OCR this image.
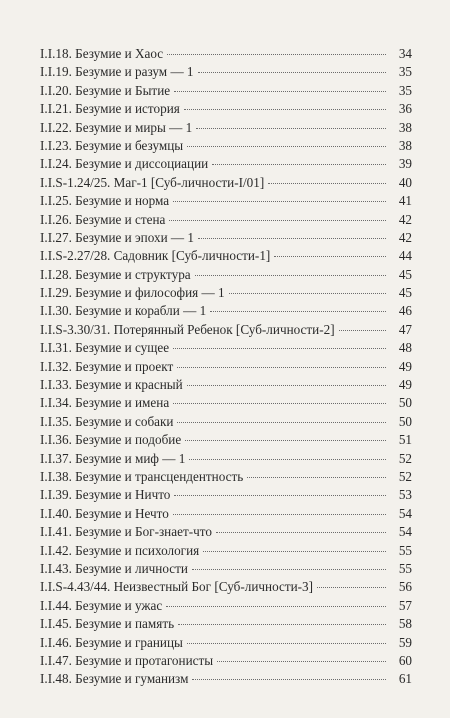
I.I.18. Безумие и Хаос	34
I.I.19. Безумие и разум — 1	35
I.I.20. Безумие и Бытие	35
I.I.21. Безумие и история	36
I.I.22. Безумие и миры — 1	38
I.I.23. Безумие и безумцы	38
I.I.24. Безумие и диссоциации	39
I.I.S-1.24/25. Маг-1 [Суб-личности-I/01]	40
I.I.25. Безумие и норма	41
I.I.26. Безумие и стена	42
I.I.27. Безумие и эпохи — 1	42
I.I.S-2.27/28. Садовник [Суб-личности-1]	44
I.I.28. Безумие и структура	45
I.I.29. Безумие и философия — 1	45
I.I.30. Безумие и корабли — 1	46
I.I.S-3.30/31. Потерянный Ребенок [Суб-личности-2]	47
I.I.31. Безумие и сущее	48
I.I.32. Безумие и проект	49
I.I.33. Безумие и красный	49
I.I.34. Безумие и имена	50
I.I.35. Безумие и собаки	50
I.I.36. Безумие и подобие	51
I.I.37. Безумие и миф — 1	52
I.I.38. Безумие и трансцендентность	52
I.I.39. Безумие и Ничто	53
I.I.40. Безумие и Нечто	54
I.I.41. Безумие и Бог-знает-что	54
I.I.42. Безумие и психология	55
I.I.43. Безумие и личности	55
I.I.S-4.43/44. Неизвестный Бог [Суб-личности-3]	56
I.I.44. Безумие и ужас	57
I.I.45. Безумие и память	58
I.I.46. Безумие и границы	59
I.I.47. Безумие и протагонисты	60
I.I.48. Безумие и гуманизм	61
